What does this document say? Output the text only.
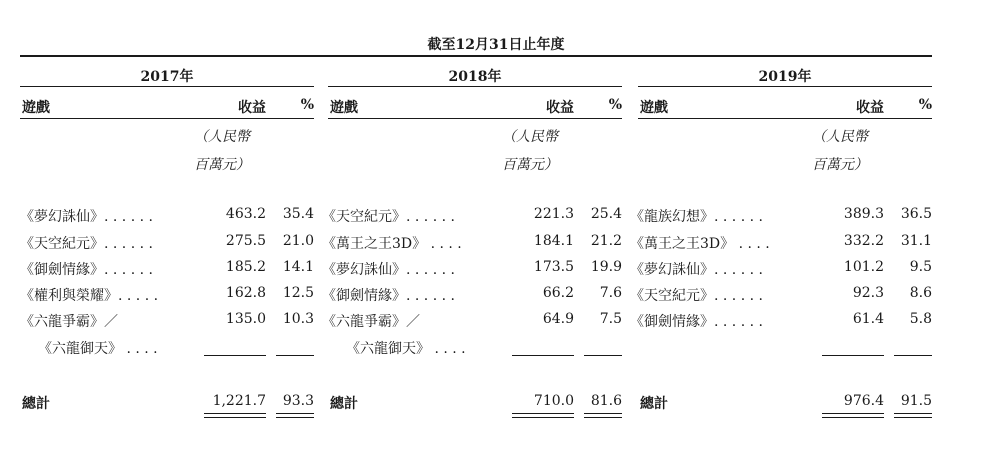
截至12月31日止年度
2017年
遊戲	收益	%
（人民幣
百萬元）
《夢幻誅仙》. . . . . .	463.2	35.4
《天空紀元》. . . . . .	275.5	21.0
《御劍情緣》. . . . . .	185.2	14.1
《權利與榮耀》. . . . .	162.8	12.5
《六龍爭霸》／	135.0	10.3
《六龍御天》 . . . .
總計	1,221.7	93.3
2018年
遊戲	收益	%
（人民幣
百萬元）
《天空紀元》. . . . . .	221.3	25.4
《萬王之王3D》 . . . .	184.1	21.2
《夢幻誅仙》. . . . . .	173.5	19.9
《御劍情緣》. . . . . .	66.2	7.6
《六龍爭霸》／	64.9	7.5
《六龍御天》 . . . .
總計	710.0	81.6
2019年
遊戲	收益	%
（人民幣
百萬元）
《龍族幻想》. . . . . .	389.3	36.5
《萬王之王3D》 . . . .	332.2	31.1
《夢幻誅仙》. . . . . .	101.2	9.5
《天空紀元》. . . . . .	92.3	8.6
《御劍情緣》. . . . . .	61.4	5.8
總計	976.4	91.5
